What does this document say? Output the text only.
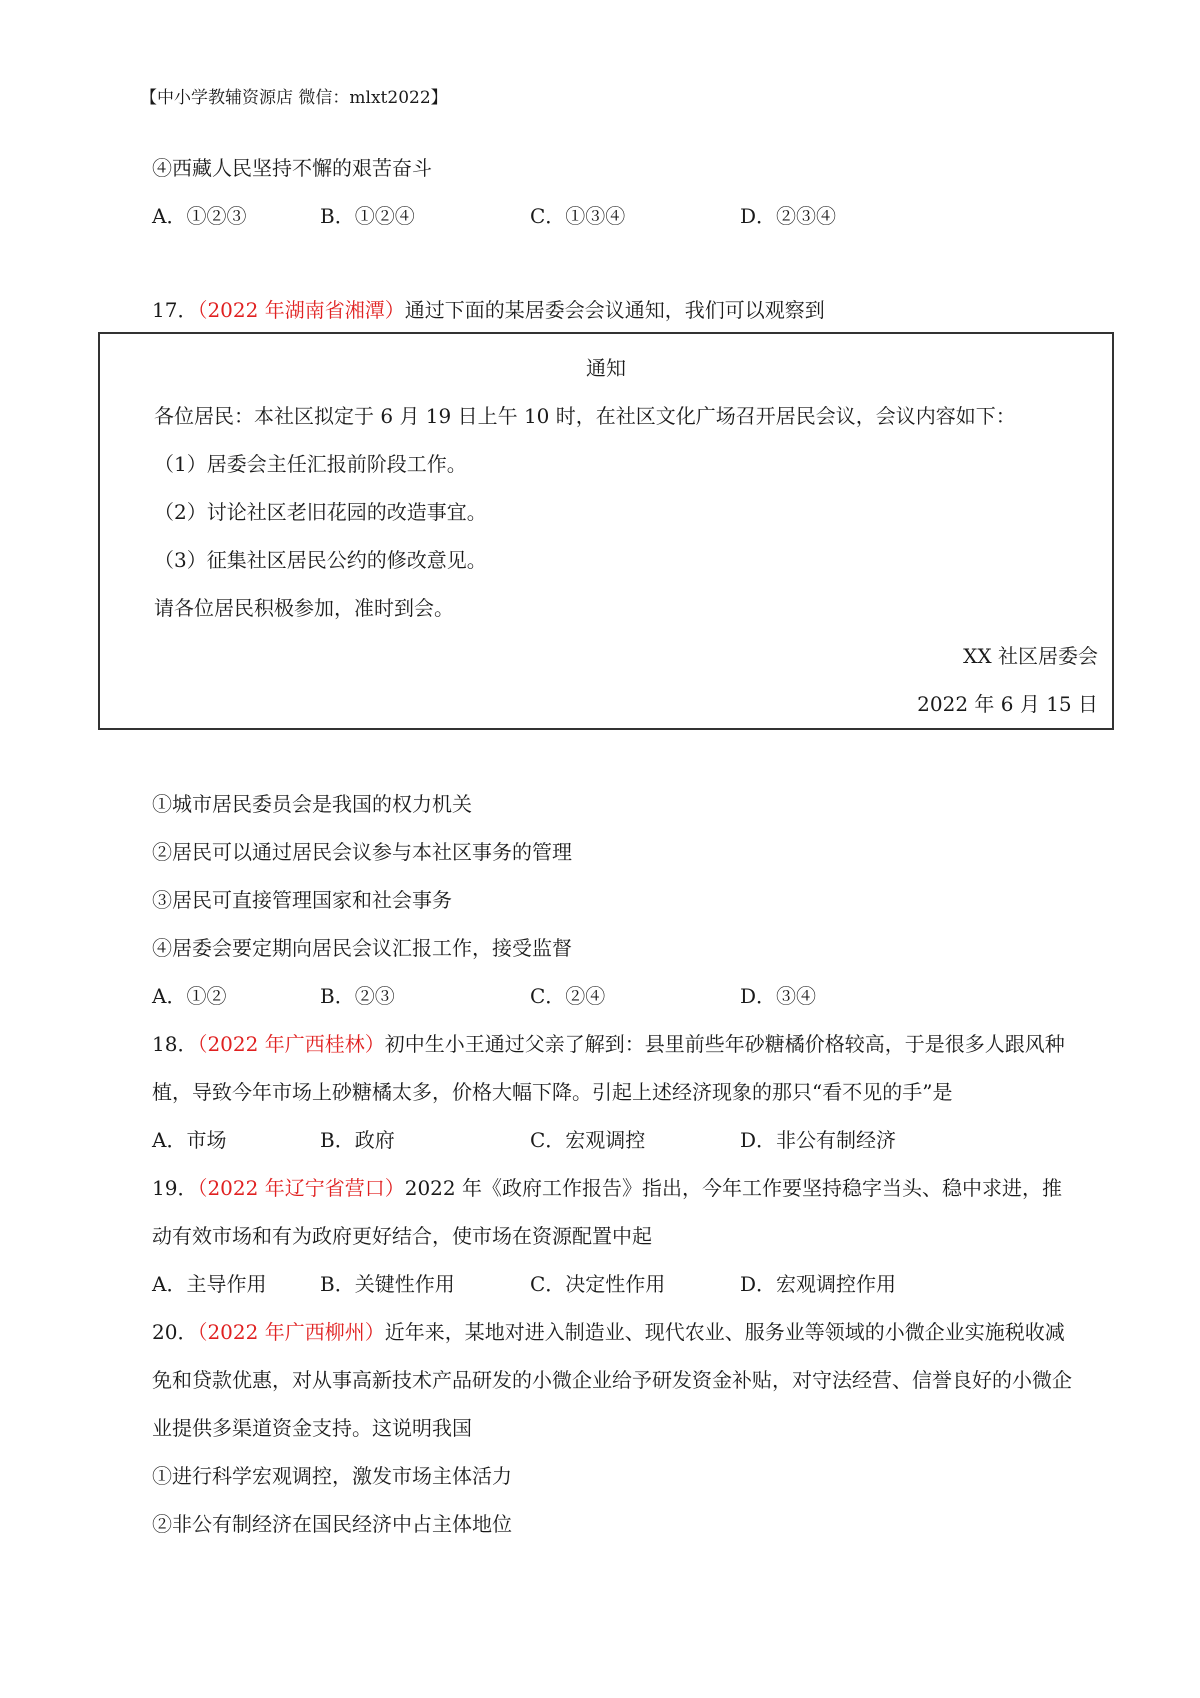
【中小学教辅资源店 微信：mlxt2022】
④西藏人民坚持不懈的艰苦奋斗
A．①②③	B．①②④	C．①③④	D．②③④
17．（2022 年湖南省湘潭）通过下面的某居委会会议通知，我们可以观察到
通知
各位居民：本社区拟定于 6 月 19 日上午 10 时，在社区文化广场召开居民会议，会议内容如下：
（1）居委会主任汇报前阶段工作。
（2）讨论社区老旧花园的改造事宜。
（3）征集社区居民公约的修改意见。
请各位居民积极参加，准时到会。
XX 社区居委会
2022 年 6 月 15 日
①城市居民委员会是我国的权力机关
②居民可以通过居民会议参与本社区事务的管理
③居民可直接管理国家和社会事务
④居委会要定期向居民会议汇报工作，接受监督
A．①②	B．②③	C．②④	D．③④
18．（2022 年广西桂林）初中生小王通过父亲了解到：县里前些年砂糖橘价格较高，于是很多人跟风种
植，导致今年市场上砂糖橘太多，价格大幅下降。引起上述经济现象的那只“看不见的手”是
A．市场	B．政府	C．宏观调控	D．非公有制经济
19．（2022 年辽宁省营口）2022 年《政府工作报告》指出，今年工作要坚持稳字当头、稳中求进，推
动有效市场和有为政府更好结合，使市场在资源配置中起
A．主导作用	B．关键性作用	C．决定性作用	D．宏观调控作用
20．（2022 年广西柳州）近年来，某地对进入制造业、现代农业、服务业等领域的小微企业实施税收减
免和贷款优惠，对从事高新技术产品研发的小微企业给予研发资金补贴，对守法经营、信誉良好的小微企
业提供多渠道资金支持。这说明我国
①进行科学宏观调控，激发市场主体活力
②非公有制经济在国民经济中占主体地位
